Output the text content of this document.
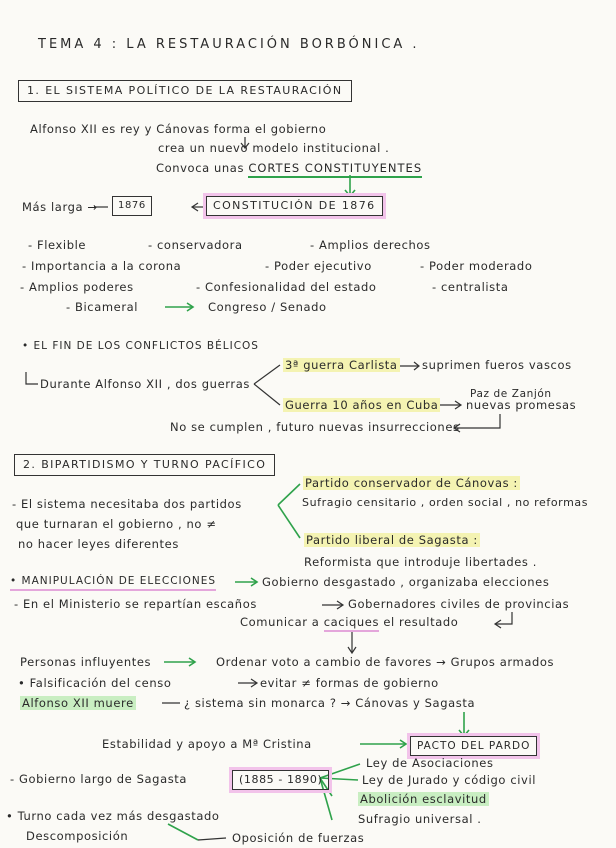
TEMA 4 : LA RESTAURACIÓN BORBÓNICA .
1. EL SISTEMA POLÍTICO DE LA RESTAURACIÓN
Alfonso XII es rey y Cánovas forma el gobierno
crea un nuevo modelo institucional .
Convoca unas CORTES CONSTITUYENTES
Más larga →	1876	CONSTITUCIÓN DE 1876
- Flexible	- conservadora	- Amplios derechos
- Importancia a la corona	- Poder ejecutivo	- Poder moderado
- Amplios poderes	- Confesionalidad del estado	- centralista
- Bicameral	Congreso / Senado
• EL FIN DE LOS CONFLICTOS BÉLICOS
Durante Alfonso XII , dos guerras
3ª guerra Carlista suprimen fueros vascos
Guerra 10 años en Cuba
Paz de Zanjón
nuevas promesas
No se cumplen , futuro nuevas insurrecciones
2. BIPARTIDISMO Y TURNO PACÍFICO
- El sistema necesitaba dos partidos
que turnaran el gobierno , no ≠
no hacer leyes diferentes
Partido conservador de Cánovas :
Sufragio censitario , orden social , no reformas
Partido liberal de Sagasta :
Reformista que introduje libertades .
• MANIPULACIÓN DE ELECCIONES	Gobierno desgastado , organizaba elecciones
- En el Ministerio se repartían escaños	Gobernadores civiles de provincias
Comunicar a caciques el resultado
Personas influyentes	Ordenar voto a cambio de favores → Grupos armados
• Falsificación del censo	evitar ≠ formas de gobierno
Alfonso XII muere	¿ sistema sin monarca ? → Cánovas y Sagasta
Estabilidad y apoyo a Mª Cristina	PACTO DEL PARDO
- Gobierno largo de Sagasta	(1885 - 1890)
Ley de Asociaciones
Ley de Jurado y código civil
Abolición esclavitud
Sufragio universal .
• Turno cada vez más desgastado
Descomposición	Oposición de fuerzas
